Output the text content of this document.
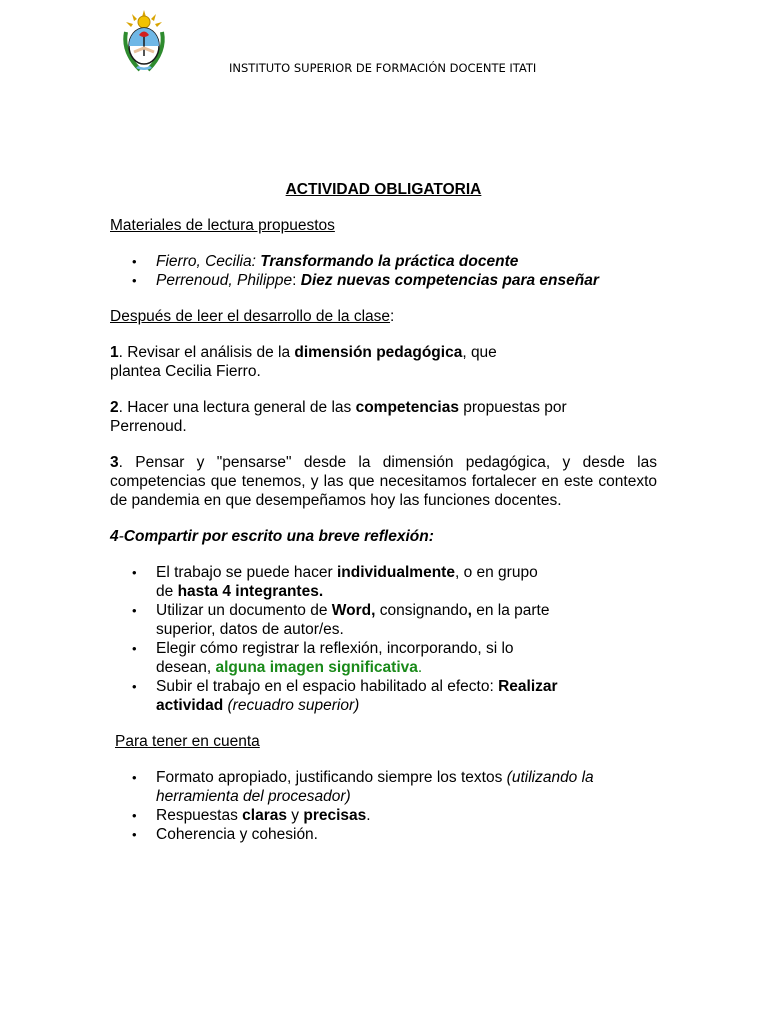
INSTITUTO SUPERIOR DE FORMACIÓN DOCENTE ITATI

ACTIVIDAD OBLIGATORIA

Materiales de lectura propuestos

• Fierro, Cecilia: Transformando la práctica docente
• Perrenoud, Philippe: Diez nuevas competencias para enseñar

Después de leer el desarrollo de la clase:

1. Revisar el análisis de la dimensión pedagógica, que
plantea Cecilia Fierro.

2. Hacer una lectura general de las competencias propuestas por
Perrenoud.

3. Pensar y "pensarse" desde la dimensión pedagógica, y desde las competencias que tenemos, y las que necesitamos fortalecer en este contexto de pandemia en que desempeñamos hoy las funciones docentes.

4-Compartir por escrito una breve reflexión:

• El trabajo se puede hacer individualmente, o en grupo
de hasta 4 integrantes.
• Utilizar un documento de Word, consignando, en la parte
superior, datos de autor/es.
• Elegir cómo registrar la reflexión, incorporando, si lo
desean, alguna imagen significativa.
• Subir el trabajo en el espacio habilitado al efecto: Realizar
actividad (recuadro superior)

Para tener en cuenta

• Formato apropiado, justificando siempre los textos (utilizando la
herramienta del procesador)
• Respuestas claras y precisas.
• Coherencia y cohesión.
